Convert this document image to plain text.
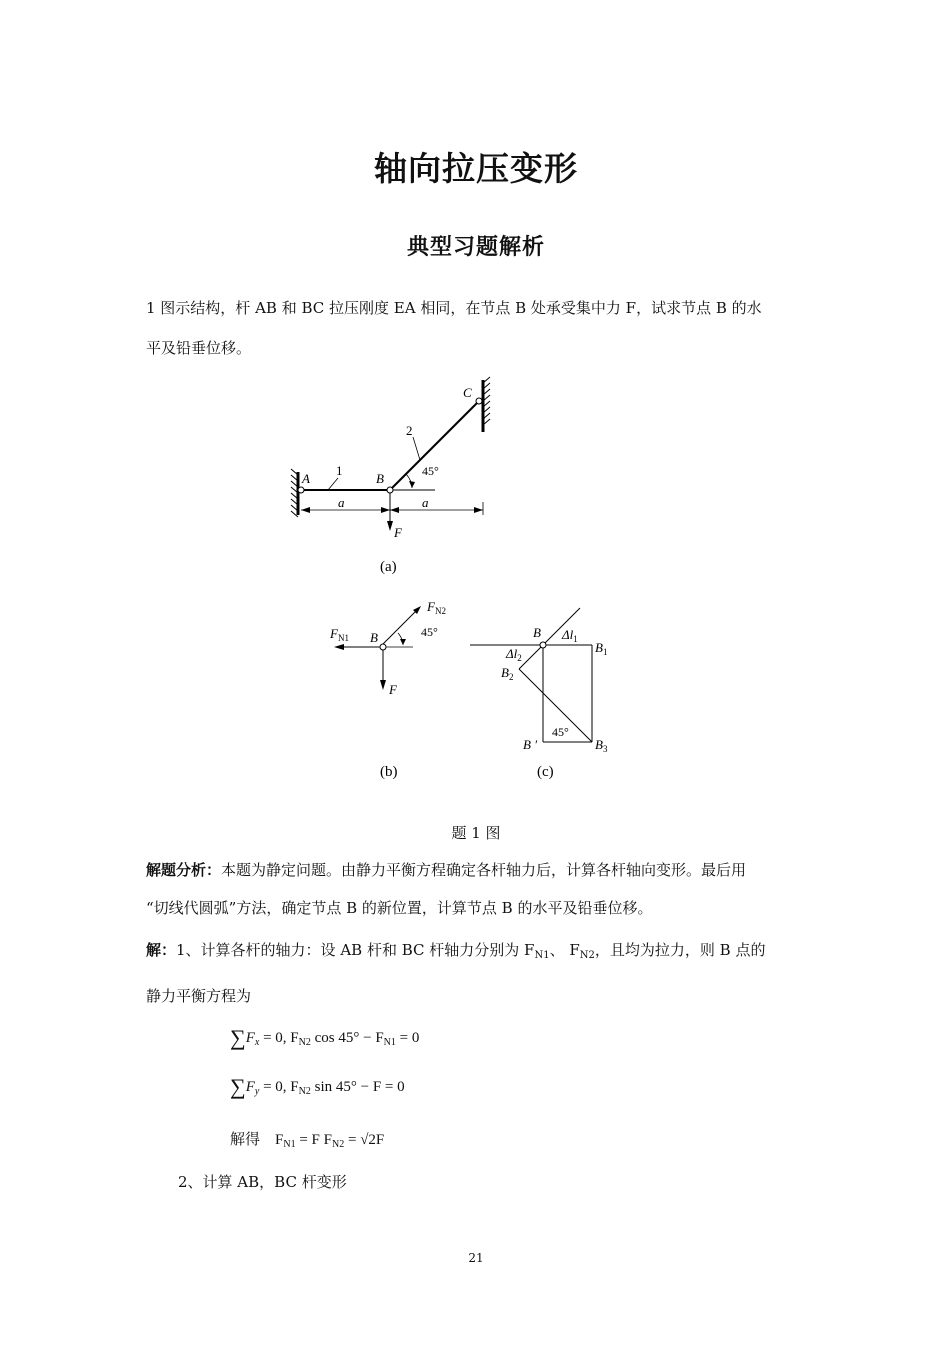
轴向拉压变形
典型习题解析
1 图示结构，杆 AB 和 BC 拉压刚度 EA 相同，在节点 B 处承受集中力 F，试求节点 B 的水
平及铅垂位移。
A
1
B
2
C
45°
a	a
F
(a)
$F_{N1}$
$F_{N2}$
B	45°
F
(b)
B $\Delta l_1$
$B_1$
$\Delta l_2$
$B_2$
45°
B ′	$B_3$
(c)
题 1 图
解题分析：本题为静定问题。由静力平衡方程确定各杆轴力后，计算各杆轴向变形。最后用
“切线代圆弧”方法，确定节点 B 的新位置，计算节点 B 的水平及铅垂位移。
解：1、计算各杆的轴力：设 AB 杆和 BC 杆轴力分别为 $F_{N1}$、 $F_{N2}$，且均为拉力，则 B 点的
静力平衡方程为
$\sum F_x = 0$, $F_{N2}$ $\cos 45^\circ - F_{N1} = 0$
$\sum F_y = 0$, $F_{N2}$ sin 45° − F = 0
解得 $F_{N1} = F$ $F_{N2} = √2F$
2、计算 AB，BC 杆变形
21
